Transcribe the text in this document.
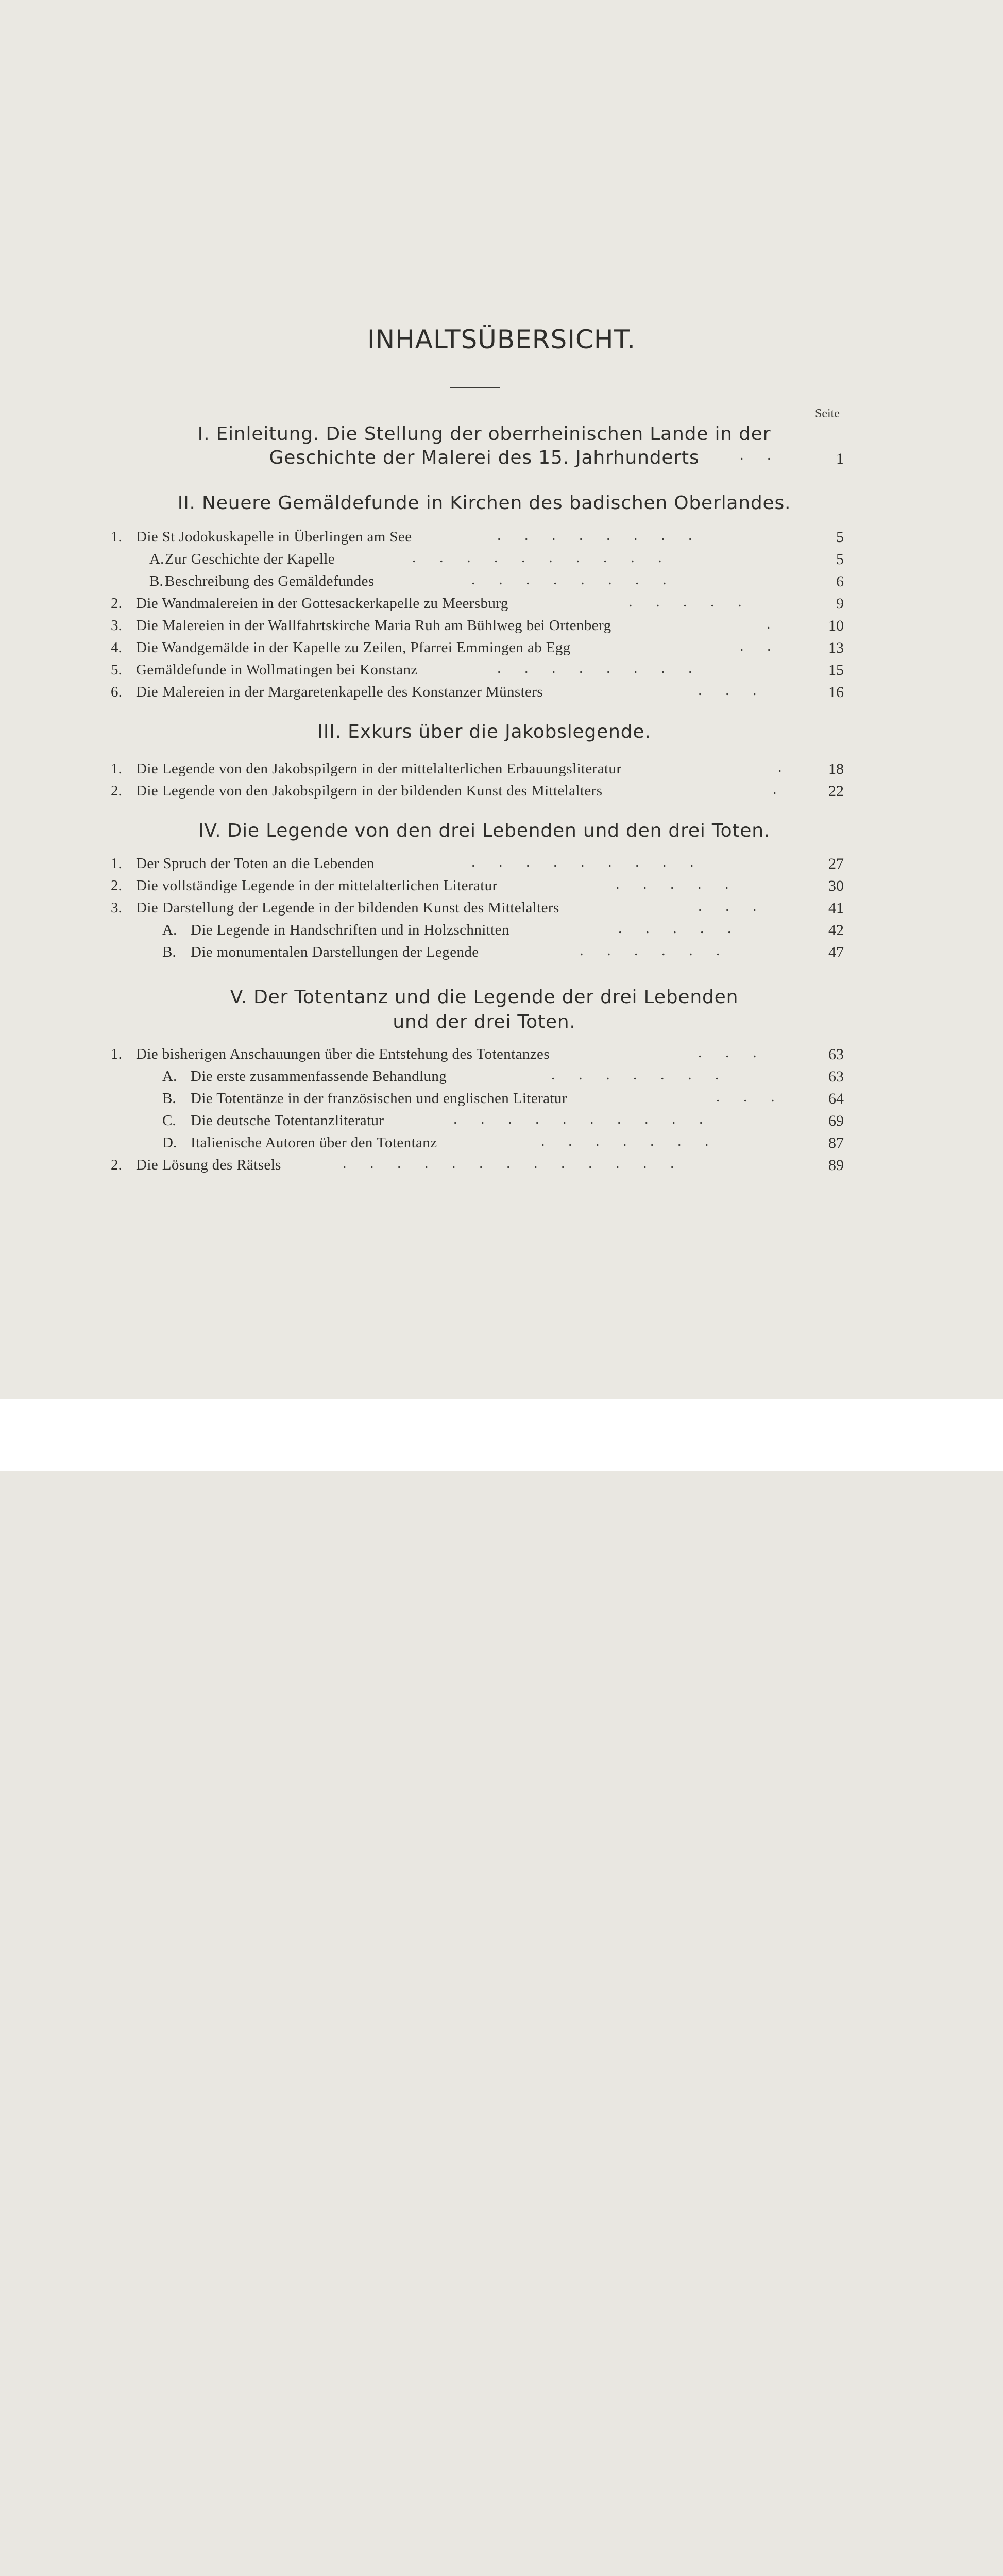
INHALTSÜBERSICHT.
Seite
I. Einleitung. Die Stellung der oberrheinischen Lande in der
Geschichte der Malerei des 15. Jahrhunderts	. .	1
II. Neuere Gemäldefunde in Kirchen des badischen Oberlandes.
1. Die St Jodokuskapelle in Überlingen am See	. . . . . . . .	5
A. Zur Geschichte der Kapelle	. . . . . . . . . .	5
B. Beschreibung des Gemäldefundes	. . . . . . . .	6
2. Die Wandmalereien in der Gottesackerkapelle zu Meersburg	. . . . .	9
3. Die Malereien in der Wallfahrtskirche Maria Ruh am Bühlweg bei Ortenberg	.	10
4. Die Wandgemälde in der Kapelle zu Zeilen, Pfarrei Emmingen ab Egg	. .	13
5. Gemäldefunde in Wollmatingen bei Konstanz	. . . . . . . .	15
6. Die Malereien in der Margaretenkapelle des Konstanzer Münsters	. . .	16
III. Exkurs über die Jakobslegende.
1. Die Legende von den Jakobspilgern in der mittelalterlichen Erbauungsliteratur	.	18
2. Die Legende von den Jakobspilgern in der bildenden Kunst des Mittelalters	.	22
IV. Die Legende von den drei Lebenden und den drei Toten.
1. Der Spruch der Toten an die Lebenden	. . . . . . . . .	27
2. Die vollständige Legende in der mittelalterlichen Literatur	. . . . .	30
3. Die Darstellung der Legende in der bildenden Kunst des Mittelalters	. . .	41
A. Die Legende in Handschriften und in Holzschnitten	. . . . .	42
B. Die monumentalen Darstellungen der Legende	. . . . . .	47
V. Der Totentanz und die Legende der drei Lebenden
und der drei Toten.
1. Die bisherigen Anschauungen über die Entstehung des Totentanzes	. . .	63
A. Die erste zusammenfassende Behandlung	. . . . . . .	63
B. Die Totentänze in der französischen und englischen Literatur	. . .	64
C. Die deutsche Totentanzliteratur	. . . . . . . . . .	69
D. Italienische Autoren über den Totentanz	. . . . . . .	87
2. Die Lösung des Rätsels	. . . . . . . . . . . . .	89
